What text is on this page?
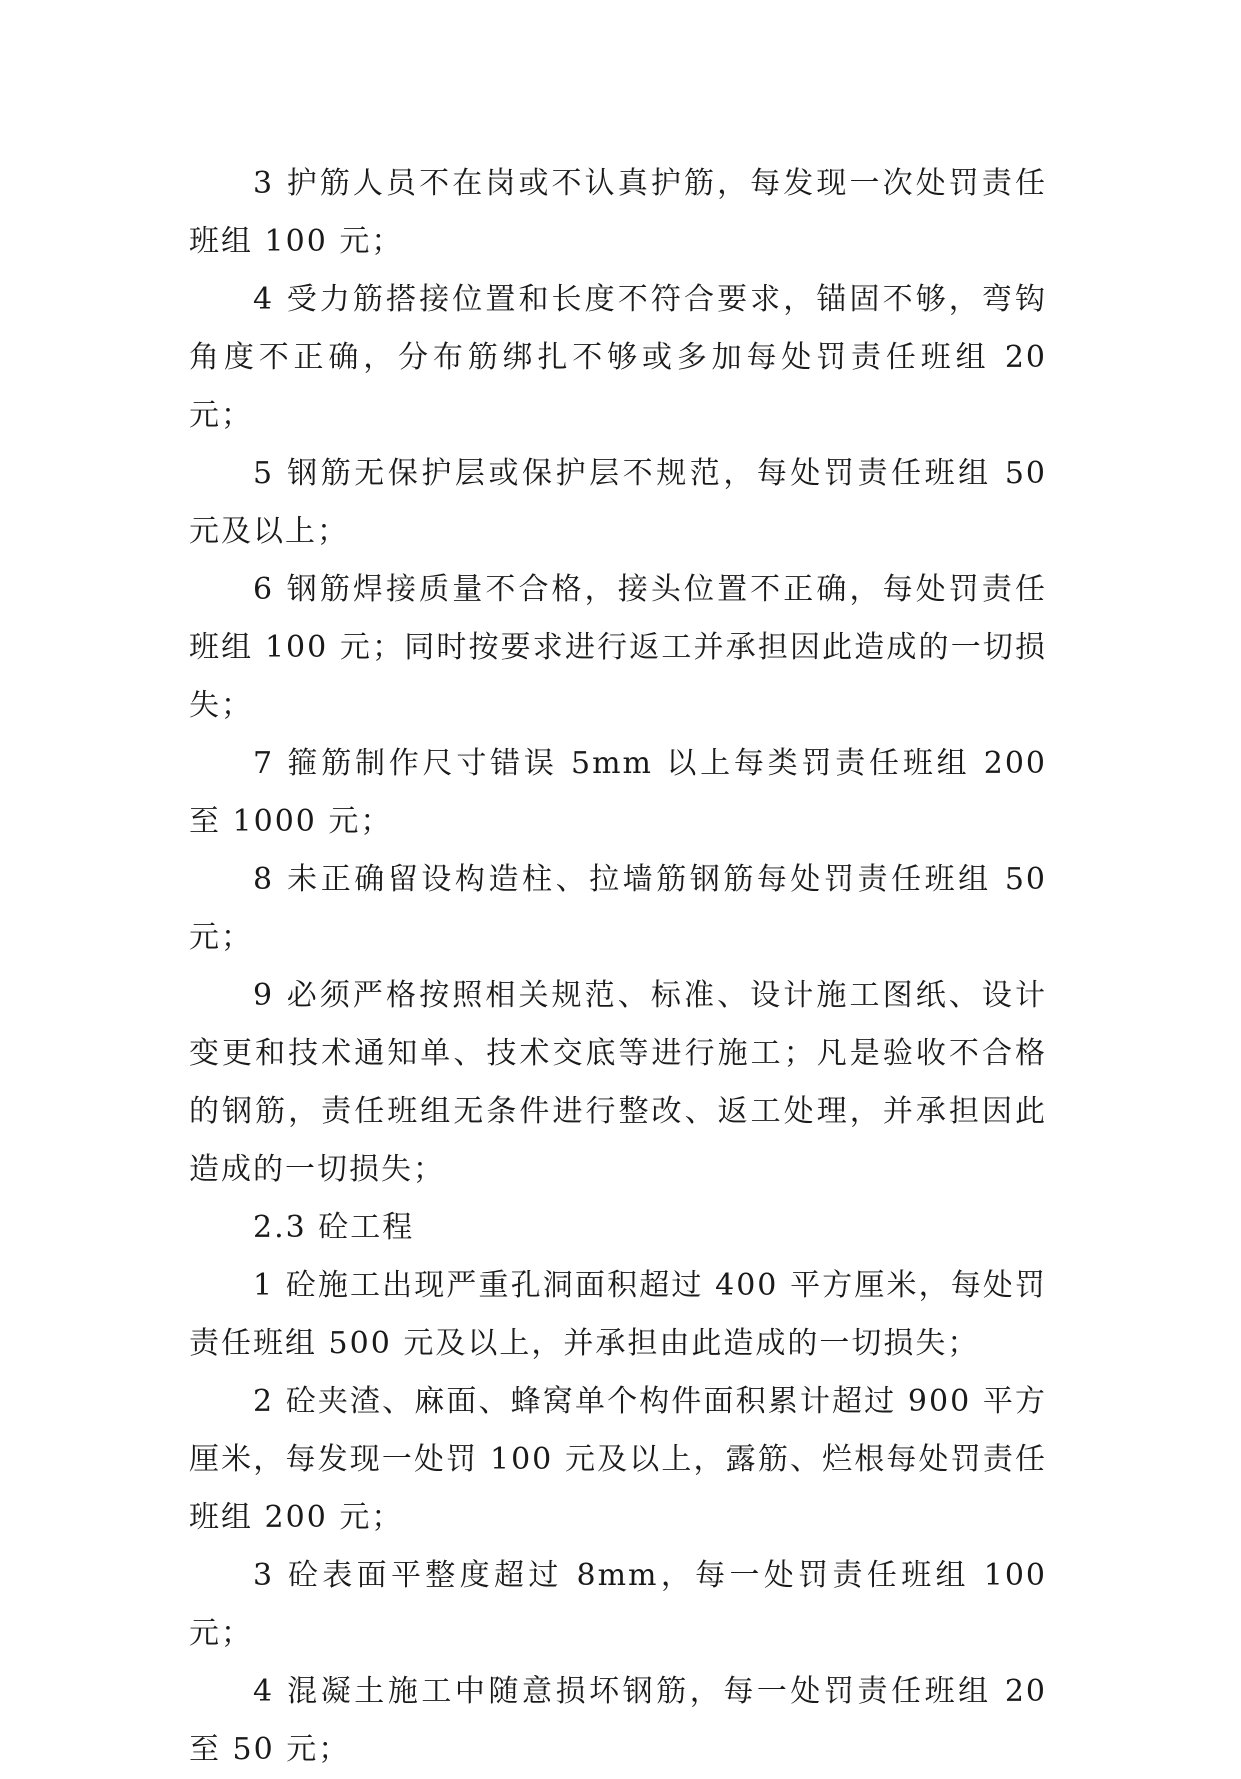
3 护筋人员不在岗或不认真护筋，每发现一次处罚责任班组 100 元；

4 受力筋搭接位置和长度不符合要求，锚固不够，弯钩角度不正确，分布筋绑扎不够或多加每处罚责任班组 20 元；

5 钢筋无保护层或保护层不规范，每处罚责任班组 50 元及以上；

6 钢筋焊接质量不合格，接头位置不正确，每处罚责任班组 100 元；同时按要求进行返工并承担因此造成的一切损失；

7 箍筋制作尺寸错误 5mm 以上每类罚责任班组 200 至 1000 元；

8 未正确留设构造柱、拉墙筋钢筋每处罚责任班组 50 元；

9 必须严格按照相关规范、标准、设计施工图纸、设计变更和技术通知单、技术交底等进行施工；凡是验收不合格的钢筋，责任班组无条件进行整改、返工处理，并承担因此造成的一切损失；

2.3 砼工程

1 砼施工出现严重孔洞面积超过 400 平方厘米，每处罚责任班组 500 元及以上，并承担由此造成的一切损失；

2 砼夹渣、麻面、蜂窝单个构件面积累计超过 900 平方厘米，每发现一处罚 100 元及以上，露筋、烂根每处罚责任班组 200 元；

3 砼表面平整度超过 8mm，每一处罚责任班组 100 元；

4 混凝土施工中随意损坏钢筋，每一处罚责任班组 20 至 50 元；
